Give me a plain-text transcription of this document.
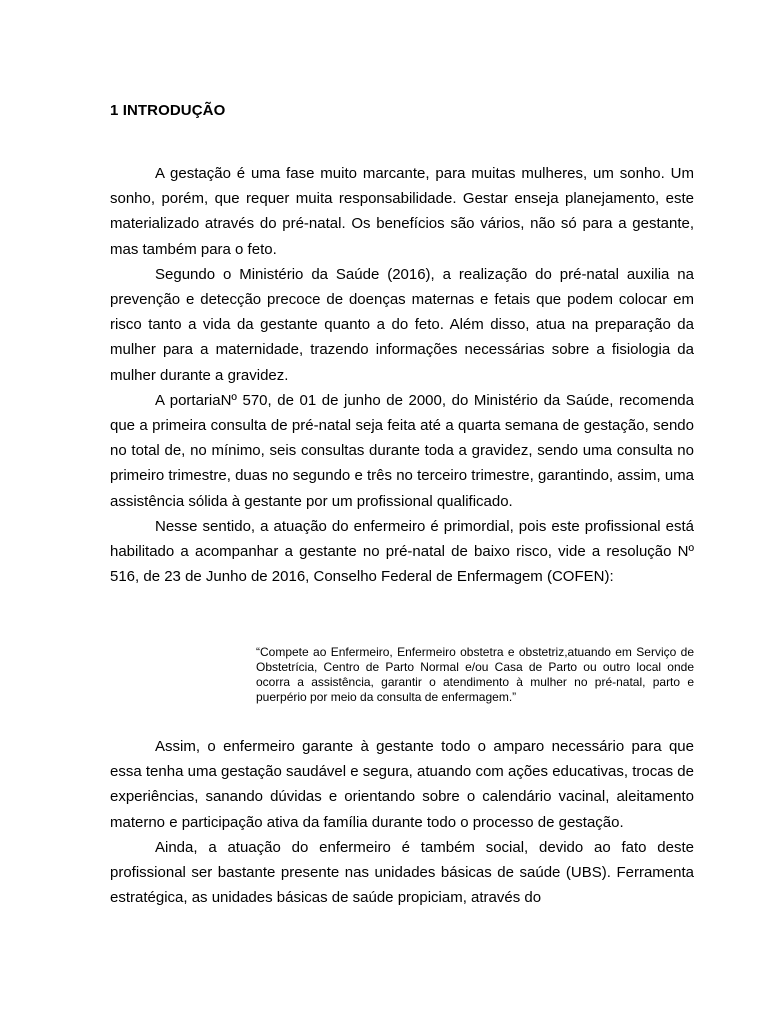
1 INTRODUÇÃO

A gestação é uma fase muito marcante, para muitas mulheres, um sonho. Um sonho, porém, que requer muita responsabilidade. Gestar enseja planejamento, este materializado através do pré-natal. Os benefícios são vários, não só para a gestante, mas também para o feto.

Segundo o Ministério da Saúde (2016), a realização do pré-natal auxilia na prevenção e detecção precoce de doenças maternas e fetais que podem colocar em risco tanto a vida da gestante quanto a do feto. Além disso, atua na preparação da mulher para a maternidade, trazendo informações necessárias sobre a fisiologia da mulher durante a gravidez.

A portariaNº 570, de 01 de junho de 2000, do Ministério da Saúde, recomenda que a primeira consulta de pré-natal seja feita até a quarta semana de gestação, sendo no total de, no mínimo, seis consultas durante toda a gravidez, sendo uma consulta no primeiro trimestre, duas no segundo e três no terceiro trimestre, garantindo, assim, uma assistência sólida à gestante por um profissional qualificado.

Nesse sentido, a atuação do enfermeiro é primordial, pois este profissional está habilitado a acompanhar a gestante no pré-natal de baixo risco, vide a resolução Nº 516, de 23 de Junho de 2016, Conselho Federal de Enfermagem (COFEN):

“Compete ao Enfermeiro, Enfermeiro obstetra e obstetriz,atuando em Serviço de Obstetrícia, Centro de Parto Normal e/ou Casa de Parto ou outro local onde ocorra a assistência, garantir o atendimento à mulher no pré-natal, parto e puerpério por meio da consulta de enfermagem.”

Assim, o enfermeiro garante à gestante todo o amparo necessário para que essa tenha uma gestação saudável e segura, atuando com ações educativas, trocas de experiências, sanando dúvidas e orientando sobre o calendário vacinal, aleitamento materno e participação ativa da família durante todo o processo de gestação.

Ainda, a atuação do enfermeiro é também social, devido ao fato deste profissional ser bastante presente nas unidades básicas de saúde (UBS). Ferramenta estratégica, as unidades básicas de saúde propiciam, através do
